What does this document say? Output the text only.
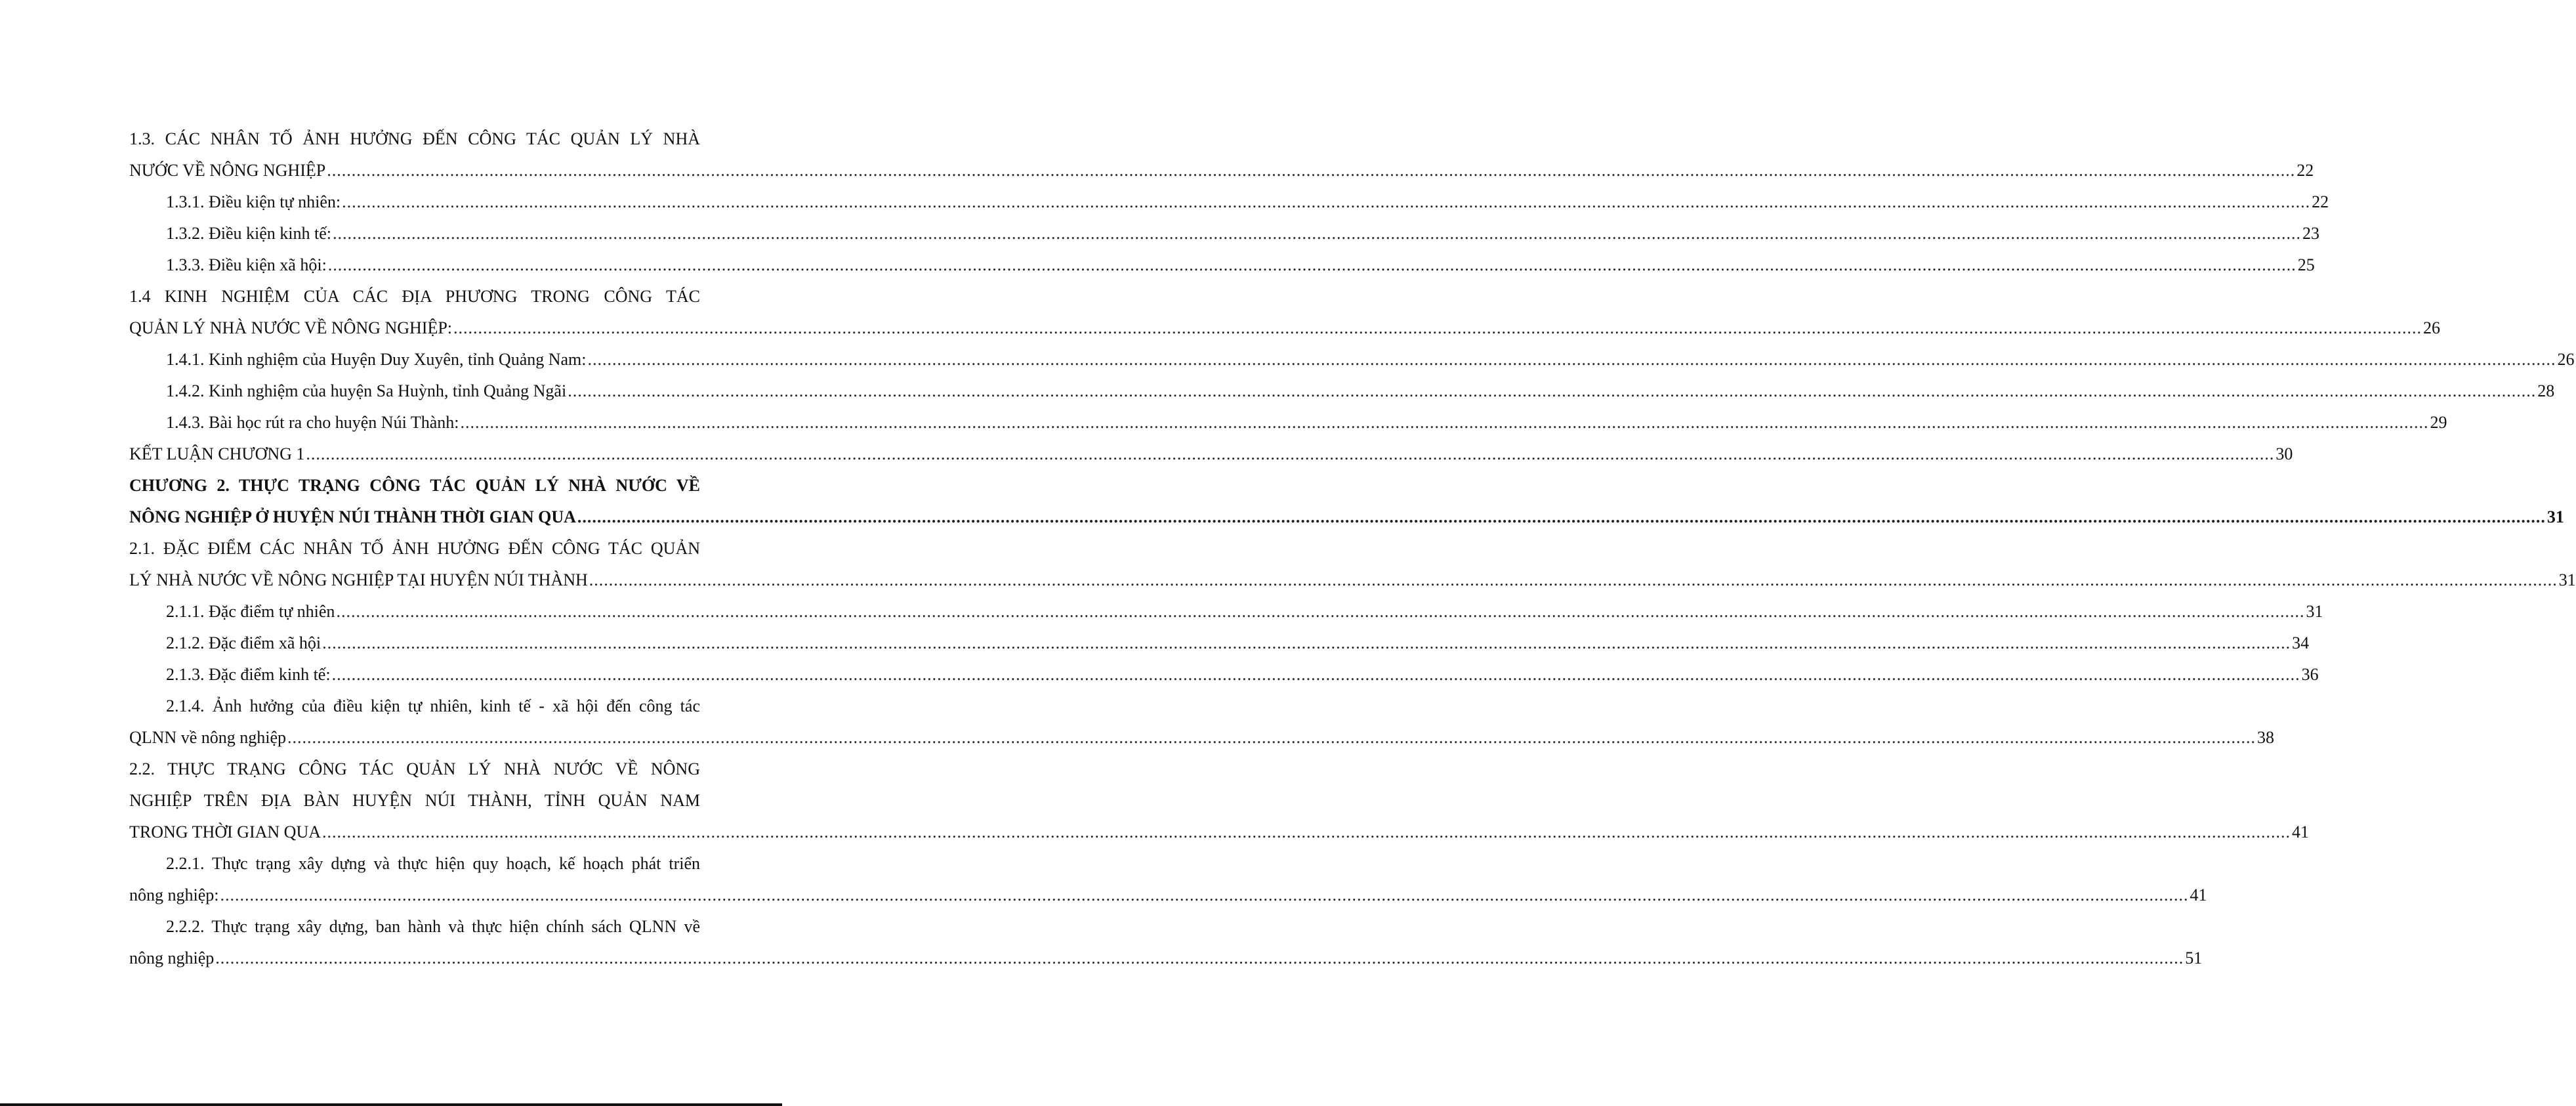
1.3. CÁC NHÂN TỐ ẢNH HƯỞNG ĐẾN CÔNG TÁC QUẢN LÝ NHÀ
NƯỚC VỀ NÔNG NGHIỆP ................................................................................................................................................................................................................................................................................................................................................................................................................ 22
1.3.1. Điều kiện tự nhiên: ................................................................................................................................................................................................................................................................................................................................................................................................................ 22
1.3.2. Điều kiện kinh tế: ................................................................................................................................................................................................................................................................................................................................................................................................................ 23
1.3.3. Điều kiện xã hội: ................................................................................................................................................................................................................................................................................................................................................................................................................ 25
1.4 KINH NGHIỆM CỦA CÁC ĐỊA PHƯƠNG TRONG CÔNG TÁC
QUẢN LÝ NHÀ NƯỚC VỀ NÔNG NGHIỆP: ................................................................................................................................................................................................................................................................................................................................................................................................................ 26
1.4.1. Kinh nghiệm của Huyện Duy Xuyên, tỉnh Quảng Nam: ................................................................................................................................................................................................................................................................................................................................................................................................................ 26
1.4.2. Kinh nghiệm của huyện Sa Huỳnh, tỉnh Quảng Ngãi ................................................................................................................................................................................................................................................................................................................................................................................................................ 28
1.4.3. Bài học rút ra cho huyện Núi Thành: ................................................................................................................................................................................................................................................................................................................................................................................................................ 29
KẾT LUẬN CHƯƠNG 1 ................................................................................................................................................................................................................................................................................................................................................................................................................ 30
CHƯƠNG 2. THỰC TRẠNG CÔNG TÁC QUẢN LÝ NHÀ NƯỚC VỀ
NÔNG NGHIỆP Ở HUYỆN NÚI THÀNH THỜI GIAN QUA ................................................................................................................................................................................................................................................................................................................................................................................................................ 31
2.1. ĐẶC ĐIỂM CÁC NHÂN TỐ ẢNH HƯỞNG ĐẾN CÔNG TÁC QUẢN
LÝ NHÀ NƯỚC VỀ NÔNG NGHIỆP TẠI HUYỆN NÚI THÀNH ................................................................................................................................................................................................................................................................................................................................................................................................................ 31
2.1.1. Đặc điểm tự nhiên ................................................................................................................................................................................................................................................................................................................................................................................................................ 31
2.1.2. Đặc điểm xã hội ................................................................................................................................................................................................................................................................................................................................................................................................................ 34
2.1.3. Đặc điểm kinh tế: ................................................................................................................................................................................................................................................................................................................................................................................................................ 36
2.1.4. Ảnh hưởng của điều kiện tự nhiên, kinh tế - xã hội đến công tác
QLNN về nông nghiệp ................................................................................................................................................................................................................................................................................................................................................................................................................ 38
2.2. THỰC TRẠNG CÔNG TÁC QUẢN LÝ NHÀ NƯỚC VỀ NÔNG
NGHIỆP TRÊN ĐỊA BÀN HUYỆN NÚI THÀNH, TỈNH QUẢN NAM
TRONG THỜI GIAN QUA ................................................................................................................................................................................................................................................................................................................................................................................................................ 41
2.2.1. Thực trạng xây dựng và thực hiện quy hoạch, kế hoạch phát triển
nông nghiệp: ................................................................................................................................................................................................................................................................................................................................................................................................................ 41
2.2.2. Thực trạng xây dựng, ban hành và thực hiện chính sách QLNN về
nông nghiệp ................................................................................................................................................................................................................................................................................................................................................................................................................ 51
